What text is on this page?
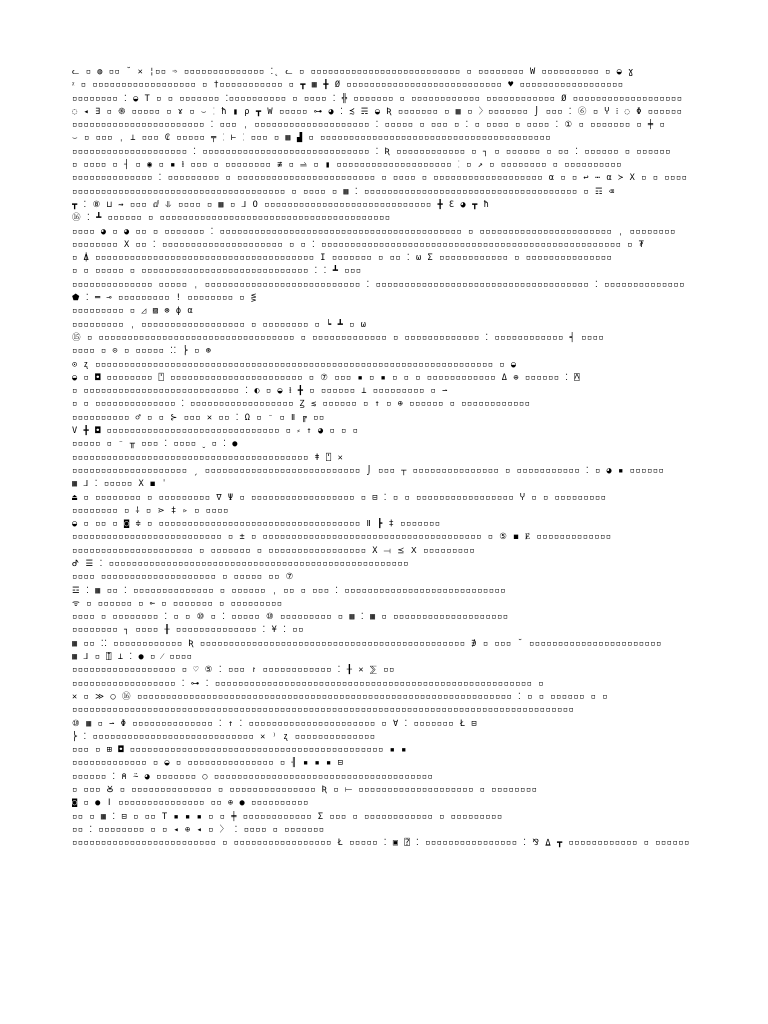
ᓚ ▫ ◍ ▫▫ ˘ ✕ ¦▫▫ ➾ ▫▫▫▫▫▫▫▫▫▫▫▫▫▫ ⁚˛ ᓚ ▫ ▫▫▫▫▫▫▫▫▫▫▫▫▫▫▫▫▫▫▫▫▫▫▫▫▫▫ ▫ ▫▫▫▫▫▫▫▫ W ▫▫▫▫▫▫▫▫▫▫ ▫ ◒ ɣ
ᵡ ▫ ▫▫▫▫▫▫▫▫▫▫▫▫▫▫▫▫▫▫ ▫ †▫▫▫▫▫▫▫▫▫▫▫ ▫ ┳ ▦ ╋ Ø ▫▫▫▫▫▫▫▫▫▫▫▫▫▫▫▫▫▫▫▫▫▫▫▫▫▫▫ ♥ ▫▫▫▫▫▫▫▫▫▫▫▫▫▫▫▫▫▫
▫▫▫▫▫▫▫▫ ⁚ ◒ T ▫ ▫ ▫▫▫▫▫▫▫ ⁚▫▫▫▫▫▫▫▫▫▫ ▫ ▫▫▫▫ ⁚ ╬ ▫▫▫▫▫▫▫ ▫ ▫▫▫▫▫▫▫▫▫▫▫▫ ▫▫▫▫▫▫▫▫▫▫▫▫ Ø ▫▫▫▫▫▫▫▫▫▫▫▫▫▫▫▫▫▫▫
◌ ◂ ∃ ▫ ֍ ▫▫▫▫▫ ▫ ɤ ▫ ⌣ ⁚ ħ ▮ ρ ┳ W ▫▫▫▫▫ ⊶ ◕ ⁚ ≾ ☴ ◒ Ʀ ▫▫▫▫▫▫▫ ▫ ▦ ▫ 〉▫▫▫▫▫▫▫ ⌡ ▫▫▫ ⁚ ⑥ ▫ Ⴤ ⁞ ◌ Φ ▫▫▫▫▫▫
▫▫▫▫▫▫▫▫▫▫▫▫▫▫▫▫▫▫▫▫▫▫▫ ⁚ ▫▫▫ ˌ ▫▫▫▫▫▫▫▫▫▫▫▫▫▫▫▫▫▫▫▫ ⁚ ▫▫▫▫▫ ▫ ▫▫▫ ▫ ⁚ ▫ ▫▫▫▫ ▫ ▫▫▫▫ ⁚ ① ▫ ▫▫▫▫▫▫▫ ▫ ╪ ▫
⌣ ▫ ▫▫▫ ˌ ⊥ ▫▫▫ ₢ ▫▫▫▫▫ ╤ ⁚ ⊢ ⁚ ▫▫▫ ▫ ▦ ▟ ▫ ▫▫▫▫▫▫▫▫▫▫▫▫▫▫▫▫▫▫▫▫▫▫▫▫▫▫▫▫▫▫▫▫▫▫▫▫▫▫▫▫
▫▫▫▫▫▫▫▫▫▫▫▫▫▫▫▫▫▫▫▫ ⁚ ▫▫▫▫▫▫▫▫▫▫▫▫▫▫▫▫▫▫▫▫▫▫▫▫▫▫▫▫▫ ⁚ Ʀ ▫▫▫▫▫▫▫▫▫▫▫▫ ▫ ┐ ▫ ▫▫▫▫▫▫ ▫ ▫▫ ⁚ ▫▫▫▫▫▫ ▫ ▫▫▫▫▫▫
▫ ▫▫▫▫ ▫ ┤ ▫ ◉ ▫ ▪ ⱡ ▫▫▫ ▫ ▫▫▫▫▫▫▫▫ ≢ ▫ ⥬ ▫ ▮ ▫▫▫▫▫▫▫▫▫▫▫▫▫▫▫▫▫▫▫▫ ⁚ ▫ ↗ ▫ ▫▫▫▫▫▫▫▫ ▫ ▫▫▫▫▫▫▫▫▫▫
▫▫▫▫▫▫▫▫▫▫▫▫▫▫ ⁚ ▫▫▫▫▫▫▫▫▫ ▫ ▫▫▫▫▫▫▫▫▫▫▫▫▫▫▫▫▫▫▫▫▫▫▫▫ ▫ ▫▫▫▫ ▫ ▫▫▫▫▫▫▫▫▫▫▫▫▫▫▫▫▫▫▫ α ▫ ▫ ↩ ⋯ α ≻ X ▫ ▫ ▫▫▫▫
▫▫▫▫▫▫▫▫▫▫▫▫▫▫▫▫▫▫▫▫▫▫▫▫▫▫▫▫▫▫▫▫▫▫▫▫▫ ▫ ▫▫▫▫ ▫ ▦ ⁚ ▫▫▫▫▫▫▫▫▫▫▫▫▫▫▫▫▫▫▫▫▫▫▫▫▫▫▫▫▫▫▫▫▫▫▫▫▫ ▫ ☶ ⌫
┳ ⁚ ⑧ ⊔ ⇝ ▫▫▫ ⅆ ⥥ ▫▫▫▫ ▫ ▦ ▫ ⅃ Ο ▫▫▫▫▫▫▫▫▫▫▫▫▫▫▫▫▫▫▫▫▫▫▫▫▫▫▫▫▫ ╋ Ɛ ◕ ┳ ħ
⑯ ⁚ ┻ ▫▫▫▫▫▫ ▫ ▫▫▫▫▫▫▫▫▫▫▫▫▫▫▫▫▫▫▫▫▫▫▫▫▫▫▫▫▫▫▫▫▫▫▫▫▫▫▫▫
▫▫▫▫ ◕ ▫ ◕ ▫▫ ▫ ▫▫▫▫▫▫▫ ⁚ ▫▫▫▫▫▫▫▫▫▫▫▫▫▫▫▫▫▫▫▫▫▫▫▫▫▫▫▫▫▫▫▫▫▫▫▫▫▫▫▫▫▫ ▫ ▫▫▫▫▫▫▫▫▫▫▫▫▫▫▫▫▫▫▫▫▫▫▫ ˌ ▫▫▫▫▫▫▫▫
▫▫▫▫▫▫▫▫ X ▫▫ ⁚ ▫▫▫▫▫▫▫▫▫▫▫▫▫▫▫▫▫▫▫▫▫ ▫ ▫ ⁚ ▫▫▫▫▫▫▫▫▫▫▫▫▫▫▫▫▫▫▫▫▫▫▫▫▫▫▫▫▫▫▫▫▫▫▫▫▫▫▫▫▫▫▫▫▫▫▫▫▫▫▫▫ ▫ ₮
▫ ⍋ ▫▫▫▫▫▫▫▫▫▫▫▫▫▫▫▫▫▫▫▫▫▫▫▫▫▫▫▫▫▫▫▫▫▫▫▫▫▫ I ▫▫▫▫▫▫▫ ▫ ▫▫ ⁚ ω Σ ▫▫▫▫▫▫▫▫▫▫▫▫ ▫ ▫▫▫▫▫▫▫▫▫▫▫▫▫▫▫
▫ ▫ ▫▫▫▫▫ ▫ ▫▫▫▫▫▫▫▫▫▫▫▫▫▫▫▫▫▫▫▫▫▫▫▫▫▫▫▫▫ ⁚ ⁚ ┻ ▫▫▫
▫▫▫▫▫▫▫▫▫▫▫▫▫▫ ▫▫▫▫▫ ˌ ▫▫▫▫▫▫▫▫▫▫▫▫▫▫▫▫▫▫▫▫▫▫▫▫▫▫▫ ⁚ ▫▫▫▫▫▫▫▫▫▫▫▫▫▫▫▫▫▫▫▫▫▫▫▫▫▫▫▫▫▫▫▫▫▫▫▫▫ ⁚ ▫▫▫▫▫▫▫▫▫▫▫▫▫▫
⬟ ⁚ ═ ⊸ ▫▫▫▫▫▫▫▫▫ ! ▫▫▫▫▫▫▫▫ ▫ ⋚
▫▫▫▫▫▫▫▫▫ ▫ ◿ ▨ ⊛ ϕ α
▫▫▫▫▫▫▫▫▫ ˌ ▫▫▫▫▫▫▫▫▫▫▫▫▫▫▫▫▫▫ ▫ ▫▫▫▫▫▫▫▫ ▫ ┕ ┻ ▫ ω
⑮ ▫ ▫▫▫▫▫▫▫▫▫▫▫▫▫▫▫▫▫▫▫▫▫▫▫▫▫▫▫▫▫▫▫▫▫▫ ▫ ▫▫▫▫▫▫▫▫▫▫▫▫▫ ▫ ▫▫▫▫▫▫▫▫▫▫▫▫▫ ⁚ ▫▫▫▫▫▫▫▫▫▫▫▫ ┥ ▫▫▫▫
▫▫▫▫ ▫ ⊙ ▫ ▫▫▫▫▫ ⁚⁚ ⎬ ▫ ⊛
⊙ ʐ ▫▫▫▫▫▫▫▫▫▫▫▫▫▫▫▫▫▫▫▫▫▫▫▫▫▫▫▫▫▫▫▫▫▫▫▫▫▫▫▫▫▫▫▫▫▫▫▫▫▫▫▫▫▫▫▫▫▫▫▫▫▫▫▫▫▫▫▫▫ ▫ ◒
◒ ▫ ◘ ▫▫▫▫▫▫▫▫ ⍞ ▫▫▫▫▫▫▫▫▫▫▫▫▫▫▫▫▫▫▫▫▫▫▫ ▫ ⑦ ▫▫▫ ▪ ▫ ▪ ▫ ▫ ▫ ▫▫▫▫▫▫▫▫▫▫▫▫ Δ ⊕ ▫▫▫▫▫▫ ⁚ ⍓
▫ ▫▫▫▫▫▫▫▫▫▫▫▫▫▫▫▫▫▫▫▫▫▫▫▫▫▫▫ ⁚ ◐ ▫ ◒ ⱡ ╋ ▫ ▫▫▫▫▫▫ ⊥ ▫▫▫▫▫▫▫▫▫ ▫ ⇀
▫ ▫ ▫▫▫▫▫▫▫▫▫▫▫▫▫▫ ⁚ ▫▫▫▫▫▫▫▫▫▫▫▫▫▫▫▫▫▫ Ꙁ ≲ ▫▫▫▫▫▫ ▫ ↑ ▫ ⊕ ▫▫▫▫▫▫ ▫ ▫▫▫▫▫▫▫▫▫▫▫▫
▫▫▫▫▫▫▫▫▫▫ ♂ ▫ ▫ ⊱ ▫▫▫ ✕ ▫▫ ⁚ Ω ▫ ⁻ ▫ Ⅱ ╔ ▫▫
V ╋ ◘ ▫▫▫▫▫▫▫▫▫▫▫▫▫▫▫▫▫▫▫▫▫▫▫▫▫▫▫▫▫▫ ▫ ⸗ ↑ ◕ ▫ ▫ ▫
▫▫▫▫▫ ▫ ⁻ ╥ ▫▫▫ ⁚ ▫▫▫▫ ˬ ▫ ⁚ ●
▫▫▫▫▫▫▫▫▫▫▫▫▫▫▫▫▫▫▫▫▫▫▫▫▫▫▫▫▫▫▫▫▫▫▫▫▫▫▫▫▫ ǂ ⍞ ✕
▫▫▫▫▫▫▫▫▫▫▫▫▫▫▫▫▫▫▫▫ ˏ ▫▫▫▫▫▫▫▫▫▫▫▫▫▫▫▫▫▫▫▫▫▫▫▫▫▫▫ ⌡ ▫▫▫ ┬ ▫▫▫▫▫▫▫▫▫▫▫▫▫▫▫ ▫ ▫▫▫▫▫▫▫▫▫▫▫ ⁚ ▫ ◕ ▪ ▫▫▫▫▫▫
▦ ⅃ ⁚ ▫▫▫▫▫ X ◼ ˈ
⏏ ▫ ▫▫▫▫▫▫▫▫ ▫ ▫▫▫▫▫▫▫▫▫ ∇ Ψ ▫ ▫▫▫▫▫▫▫▫▫▫▫▫▫▫▫▫▫▫ ▫ ⊟ ⁚ ▫ ▫ ▫▫▫▫▫▫▫▫▫▫▫▫▫▫▫▫▫ Ⴤ ▫ ▫ ▫▫▫▫▫▫▫▫▫
▫▫▫▫▫▫▫▫ ▫ ⸸ ▫ ⋗ ‡ ▹ ▫ ▫▫▫▫
◒ ▫ ▫▫ ▫ ◙ ≑ ▫ ▫▫▫▫▫▫▫▫▫▫▫▫▫▫▫▫▫▫▫▫▫▫▫▫▫▫▫▫▫▫▫▫▫▫▫ Ⅱ ┣ ‡ ▫▫▫▫▫▫▫
▫▫▫▫▫▫▫▫▫▫▫▫▫▫▫▫▫▫▫▫▫▫▫▫▫▫ ▫ ± ▫ ▫▫▫▫▫▫▫▫▫▫▫▫▫▫▫▫▫▫▫▫▫▫▫▫▫▫▫▫▫▫▫▫▫▫▫▫▫▫ ▫ ⑤ ◼ Ɇ ▫▫▫▫▫▫▫▫▫▫▫▫▫
▫▫▫▫▫▫▫▫▫▫▫▫▫▫▫▫▫▫▫▫▫ ▫ ▫▫▫▫▫▫▫ ▫ ▫▫▫▫▫▫▫▫▫▫▫▫▫▫▫▫▫ X ⟞ ⪯ Ⅹ ▫▫▫▫▫▫▫▫▫
ᕷ ☰ ⁚ ▫▫▫▫▫▫▫▫▫▫▫▫▫▫▫▫▫▫▫▫▫▫▫▫▫▫▫▫▫▫▫▫▫▫▫▫▫▫▫▫▫▫▫▫▫▫▫▫▫▫▫▫
▫▫▫▫ ▫▫▫▫▫▫▫▫▫▫▫▫▫▫▫▫▫▫▫▫ ▫ ▫▫▫▫▫ ▫▫ ⑦
☲ ⁚ ▦ ▫▫ ⁚ ▫▫▫▫▫▫▫▫▫▫▫▫▫▫ ▫ ▫▫▫▫▫▫ ˌ ▫▫ ▫ ▫▫▫ ⁚ ▫▫▫▫▫▫▫▫▫▫▫▫▫▫▫▫▫▫▫▫▫▫▫▫▫▫▫▫
ᯤ ▫ ▫▫▫▫▫▫ ▫ ⟜ ▫ ▫▫▫▫▫▫▫ ▫ ▫▫▫▫▫▫▫▫▫
▫▫▫▫ ▫ ▫▫▫▫▫▫▫▫ ⁚ ▫ ▫ ⑩ ▫ ⁚ ▫▫▫▫▫ ⑩ ▫▫▫▫▫▫▫▫▫ ▫ ▦ ⁚ ▦ ▫ ▫▫▫▫▫▫▫▫▫▫▫▫▫▫▫▫▫▫▫▫
▫▫▫▫▫▫▫▫ ┐ ▫▫▫▫ ╫ ▫▫▫▫▫▫▫▫▫▫▫▫▫▫ ⁚ ¥ ⁚ ▫▫
▦ ▫▫ ⁚⁚ ▫▫▫▫▫▫▫▫▫▫▫▫ Ʀ ▫▫▫▫▫▫▫▫▫▫▫▫▫▫▫▫▫▫▫▫▫▫▫▫▫▫▫▫▫▫▫▫▫▫▫▫▫▫▫▫▫▫▫▫▫▫ ∌ ▫ ▫▫▫ ˘ ▫▫▫▫▫▫▫▫▫▫▫▫▫▫▫▫▫▫▫▫▫▫▫
▦ ⅃ ▫ ⍐ ⊥ ⁚ ● ▫ ⁄ ▫▫▫▫
▫▫▫▫▫▫▫▫▫▫▫▫▫▫▫▫▫▫ ▫ ♡ ⑤ ⁚ ▫▫▫ ↾ ▫▫▫▫▫▫▫▫▫▫▫▫ ⁚ ╂ ✕ ⅀ ▫▫
▫▫▫▫▫▫▫▫▫▫▫▫▫▫▫▫▫▫ ⁚ ⊶ ⁚ ▫▫▫▫▫▫▫▫▫▫▫▫▫▫▫▫▫▫▫▫▫▫▫▫▫▫▫▫▫▫▫▫▫▫▫▫▫▫▫▫▫▫▫▫▫▫▫▫▫▫▫▫▫▫▫ ▫
✕ ▫ ≫ ◯ ⑯ ▫▫▫▫▫▫▫▫▫▫▫▫▫▫▫▫▫▫▫▫▫▫▫▫▫▫▫▫▫▫▫▫▫▫▫▫▫▫▫▫▫▫▫▫▫▫▫▫▫▫▫▫▫▫▫▫▫▫▫▫▫▫▫▫▫ ⁚ ▫ ▫ ▫▫▫▫▫▫ ▫ ▫
▫▫▫▫▫▫▫▫▫▫▫▫▫▫▫▫▫▫▫▫▫▫▫▫▫▫▫▫▫▫▫▫▫▫▫▫▫▫▫▫▫▫▫▫▫▫▫▫▫▫▫▫▫▫▫▫▫▫▫▫▫▫▫▫▫▫▫▫▫▫▫▫▫▫▫▫▫▫▫▫▫▫▫▫▫▫▫
⑩ ▦ ▫ ⇀ Φ ▫▫▫▫▫▫▫▫▫▫▫▫▫▫ ⁚ ↑ ⁚ ▫▫▫▫▫▫▫▫▫▫▫▫▫▫▫▫▫▫▫▫▫▫ ▫ ∀ ⁚ ▫▫▫▫▫▫▫ Ł ⊟
⎬ ⁚ ▫▫▫▫▫▫▫▫▫▫▫▫▫▫▫▫▫▫▫▫▫▫▫▫▫▫▫▫ ✕ ⁾ ʐ ▫▫▫▫▫▫▫▫▫▫▫▫▫▫
▫▫▫ ▫ ⊞ ◘ ▫▫▫▫▫▫▫▫▫▫▫▫▫▫▫▫▫▫▫▫▫▫▫▫▫▫▫▫▫▫▫▫▫▫▫▫▫▫▫▫▫▫▫▫ ▪ ▪
▫▫▫▫▫▫▫▫▫▫▫▫▫ ▫ ◒ ▫ ▫▫▫▫▫▫▫▫▫▫▫▫▫▫▫ ▫ ╢ ▪ ▪ ▪ ⊟
▫▫▫▫▫▫ ⁚ ⍝ ⍨ ◕ ▫▫▫▫▫▫▫ ○ ▫▫▫▫▫▫▫▫▫▫▫▫▫▫▫▫▫▫▫▫▫▫▫▫▫▫▫▫▫▫▫▫▫▫▫▫▫▫
▫ ▫▫▫ Ꙋ ▫ ▫▫▫▫▫▫▫▫▫▫▫▫▫▫ ▫ ▫▫▫▫▫▫▫▫▫▫▫▫▫▫▫ Ʀ ▫ ⟝ ▫▫▫▫▫▫▫▫▫▫▫▫▫▫▫▫▫▫▫▫ ▫ ▫▫▫▫▫▫▫▫
◙ ▫ ● ǀ ▫▫▫▫▫▫▫▫▫▫▫▫▫▫▫ ▫▫ ⊕ ● ▫▫▫▫▫▫▫▫▫▫
▫▫ ▫ ▦ ⁚ ⊟ ▫ ▫▫ T ▪ ▪ ▪ ▫ ▫ ╪ ▫▫▫▫▫▫▫▫▫▫▫▫ Σ ▫▫▫ ▫ ▫▫▫▫▫▫▫▫▫▫▫▫ ▫ ▫▫▫▫▫▫▫▫▫
▫▫ ⁚ ▫▫▫▫▫▫▫▫ ▫ ▫ ◂ ⊕ ◂ ▫ 〉 ⁚ ▫▫▫▫ ▫ ▫▫▫▫▫▫▫
▫▫▫▫▫▫▫▫▫▫▫▫▫▫▫▫▫▫▫▫▫▫▫▫▫ ▫ ▫▫▫▫▫▫▫▫▫▫▫▫▫▫▫▫▫ Ł ▫▫▫▫▫ ⁚ ▣ ⍰ ⁚ ▫▫▫▫▫▫▫▫▫▫▫▫▫▫▫▫ ⁚ ⅋ ⍙ ┳ ▫▫▫▫▫▫▫▫▫▫▫▫ ▫ ▫▫▫▫▫▫
